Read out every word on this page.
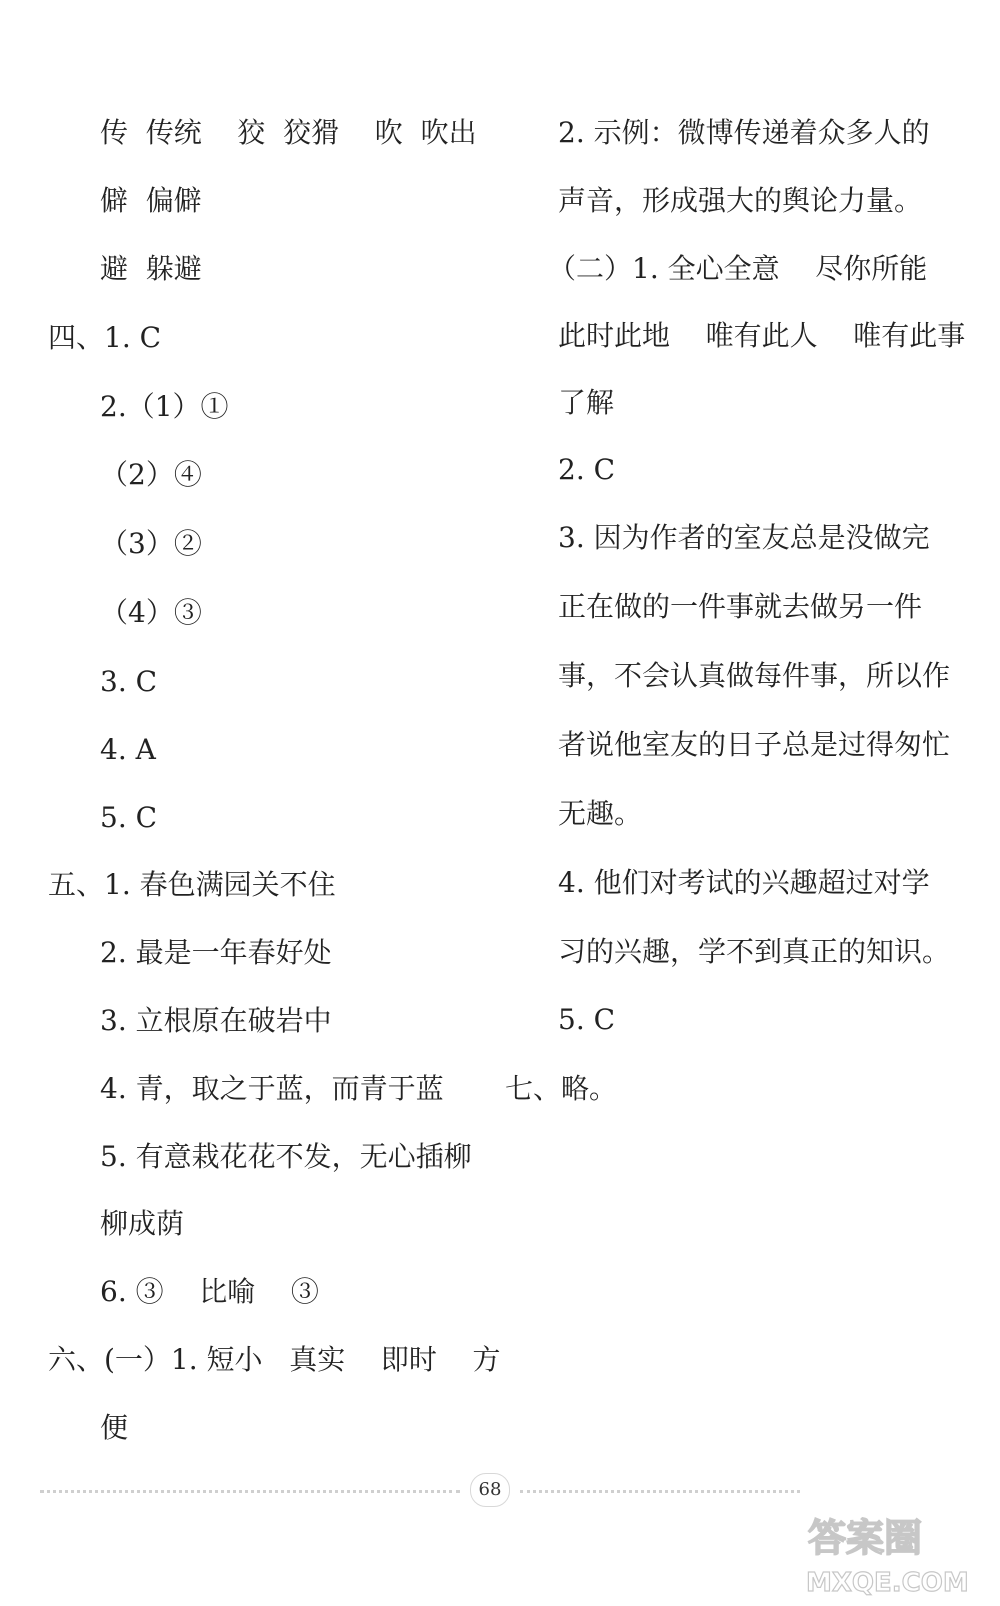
传  传统    狡  狡猾    吹  吹出
僻  偏僻
避  躲避
四、1. C
2.（1）①
（2）④
（3）②
（4）③
3. C
4. A
5. C
五、1. 春色满园关不住
2. 最是一年春好处
3. 立根原在破岩中
4. 青，取之于蓝，而青于蓝
5. 有意栽花花不发，无心插柳
柳成荫
6. ③    比喻    ③
六、(一）1. 短小   真实    即时    方
便
2. 示例：微博传递着众多人的
声音，形成强大的舆论力量。
（二）1. 全心全意    尽你所能
此时此地    唯有此人    唯有此事
了解
2. C
3. 因为作者的室友总是没做完
正在做的一件事就去做另一件
事，不会认真做每件事，所以作
者说他室友的日子总是过得匆忙
无趣。
4. 他们对考试的兴趣超过对学
习的兴趣，学不到真正的知识。
5. C
七、略。
68
答案圈
MXQE.COM
